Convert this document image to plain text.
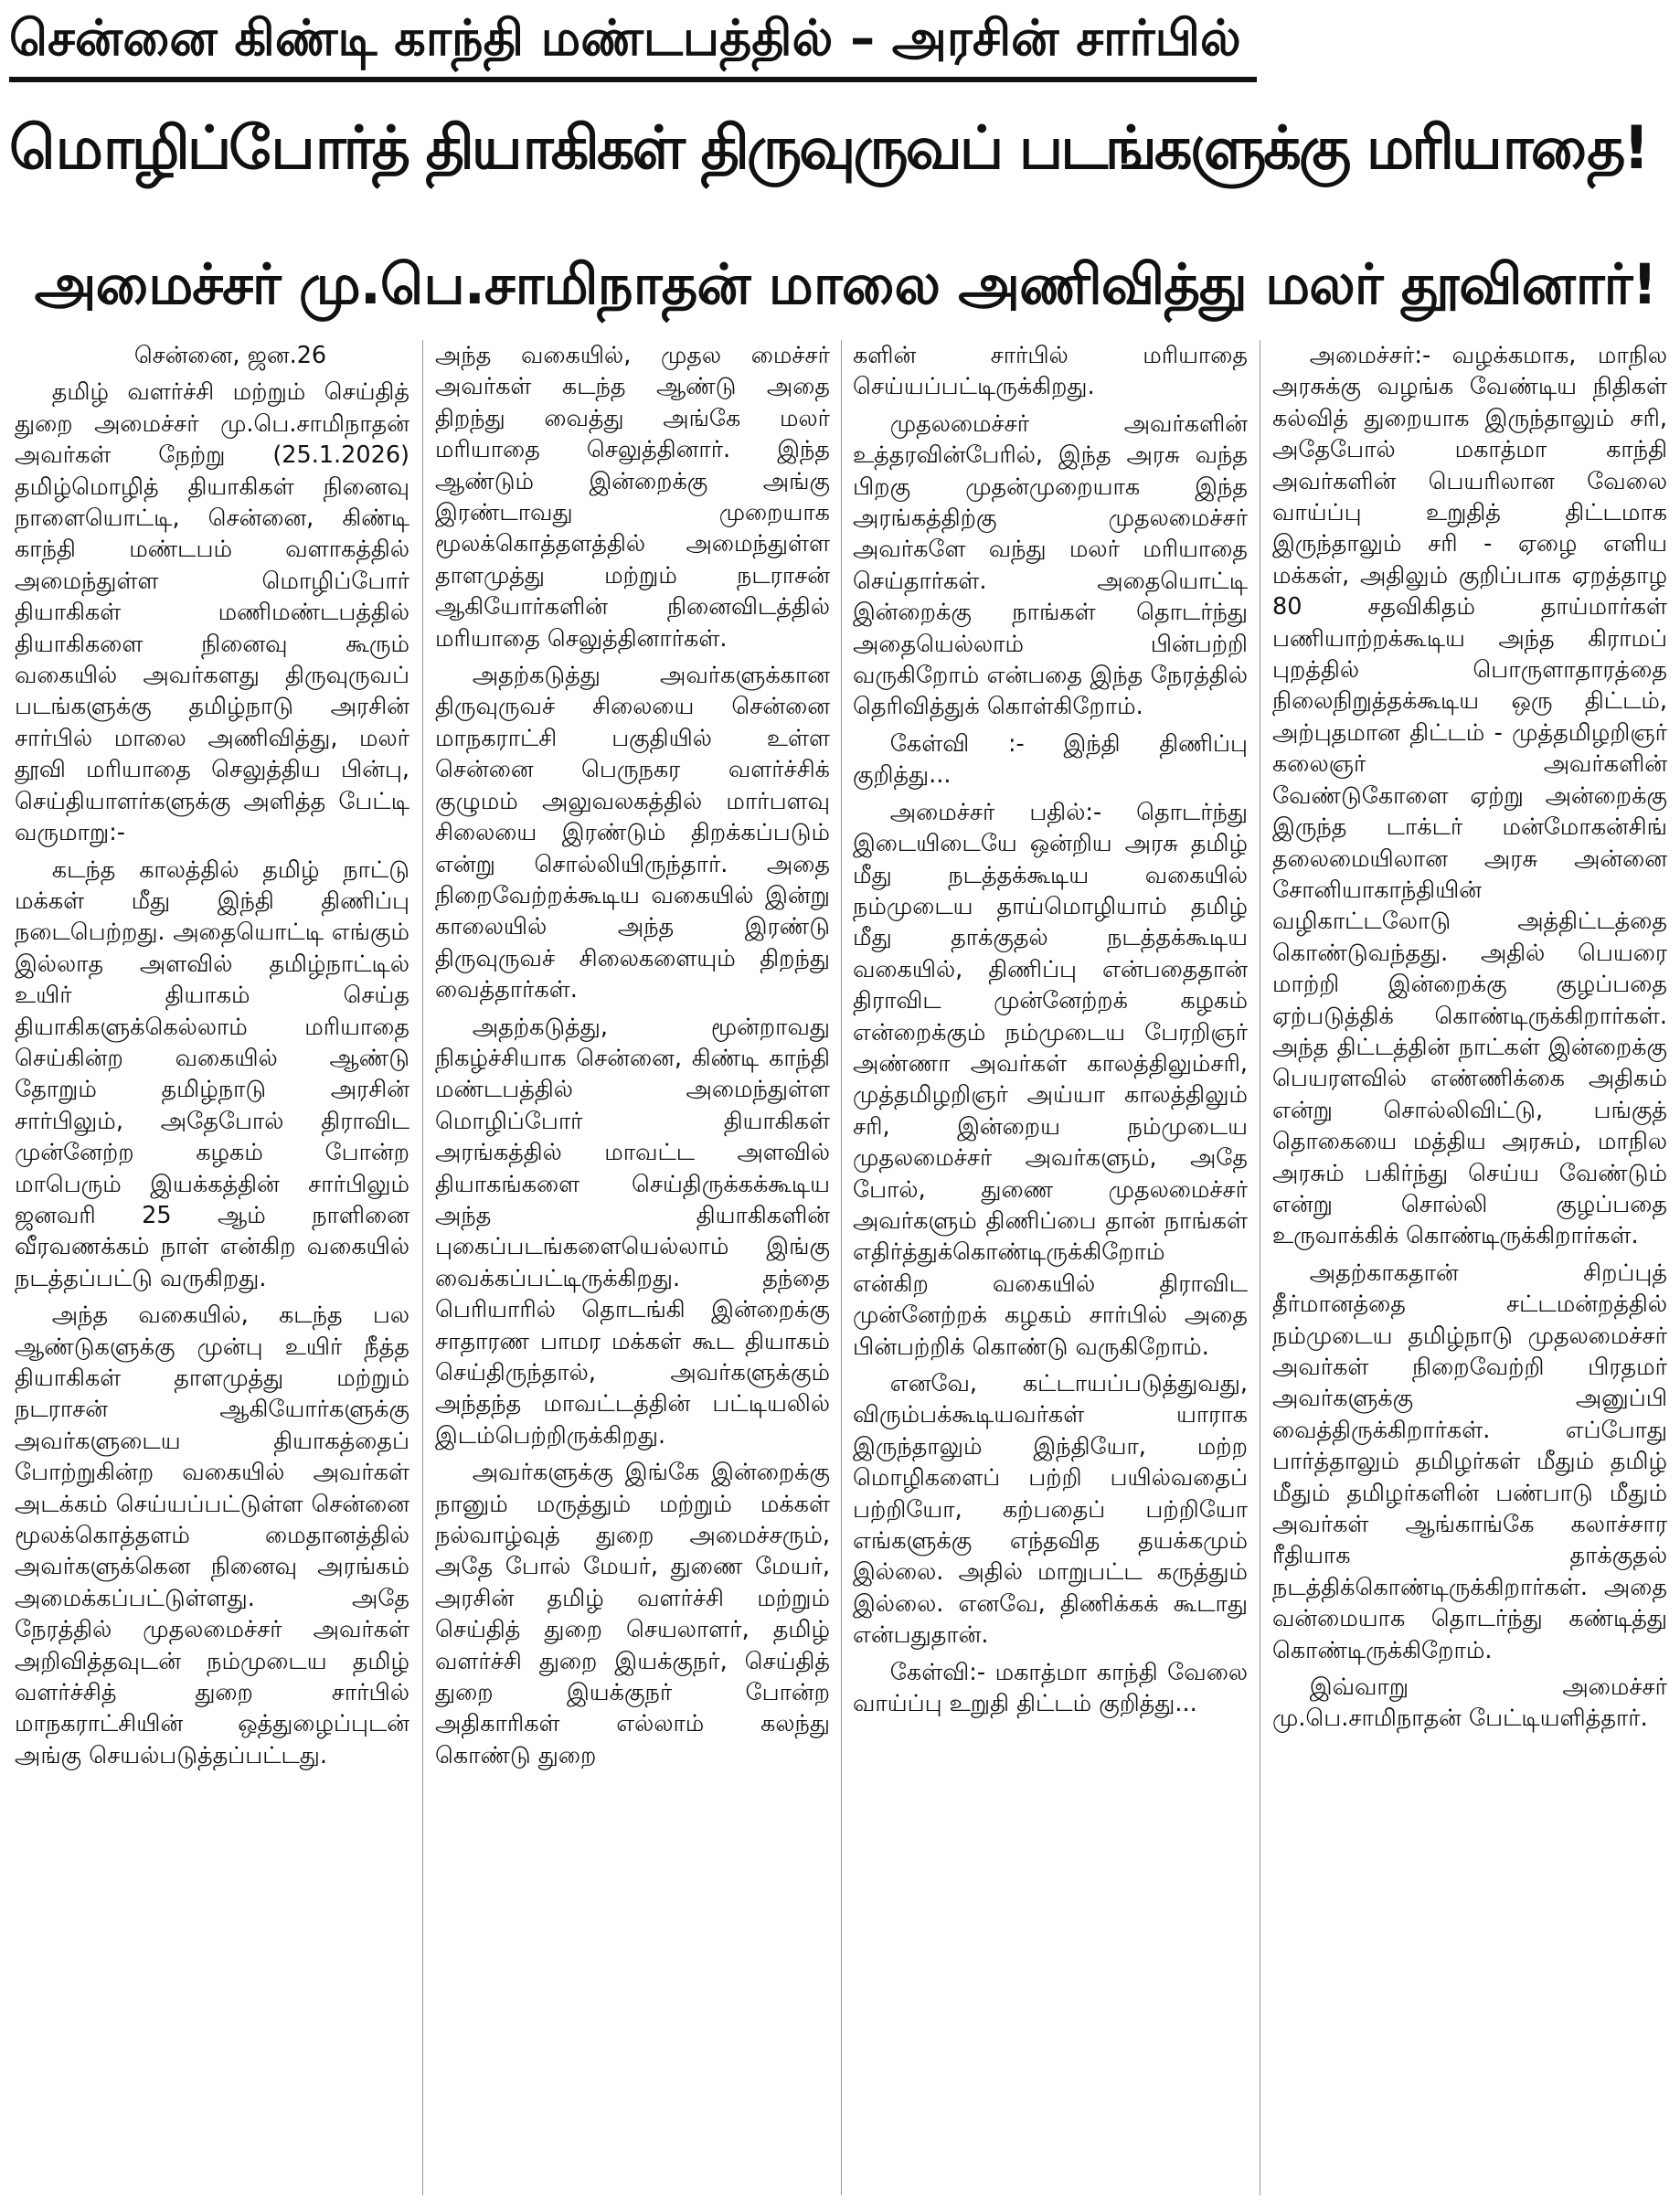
சென்னை கிண்டி காந்தி மண்டபத்தில் – அரசின் சார்பில்
மொழிப்போர்த் தியாகிகள் திருவுருவப் படங்களுக்கு மரியாதை!
அமைச்சர் மு.பெ.சாமிநாதன் மாலை அணிவித்து மலர் தூவினார்!

சென்னை, ஜன.26

தமிழ் வளர்ச்சி மற்றும் செய்தித் துறை அமைச்சர் மு.பெ.சாமிநாதன் அவர்கள் நேற்று (25.1.2026) தமிழ்மொழித் தியாகிகள் நினைவு நாளையொட்டி, சென்னை, கிண்டி காந்தி மண்டபம் வளாகத்தில் அமைந்துள்ள மொழிப்போர் தியாகிகள் மணிமண்டபத்தில் தியாகிகளை நினைவு கூரும் வகையில் அவர்களது திருவுருவப் படங்களுக்கு தமிழ்நாடு அரசின் சார்பில் மாலை அணிவித்து, மலர் தூவி மரியாதை செலுத்திய பின்பு, செய்தியாளர்களுக்கு அளித்த பேட்டி வருமாறு:-

கடந்த காலத்தில் தமிழ் நாட்டு மக்கள் மீது இந்தி திணிப்பு நடைபெற்றது. அதையொட்டி எங்கும் இல்லாத அளவில் தமிழ்நாட்டில் உயிர் தியாகம் செய்த தியாகிகளுக்கெல்லாம் மரியாதை செய்கின்ற வகையில் ஆண்டு தோறும் தமிழ்நாடு அரசின் சார்பிலும், அதேபோல் திராவிட முன்னேற்ற கழகம் போன்ற மாபெரும் இயக்கத்தின் சார்பிலும் ஜனவரி 25 ஆம் நாளினை வீரவணக்கம் நாள் என்கிற வகையில் நடத்தப்பட்டு வருகிறது.

அந்த வகையில், கடந்த பல ஆண்டுகளுக்கு முன்பு உயிர் நீத்த தியாகிகள் தாளமுத்து மற்றும் நடராசன் ஆகியோர்களுக்கு அவர்களுடைய தியாகத்தைப் போற்றுகின்ற வகையில் அவர்கள் அடக்கம் செய்யப்பட்டுள்ள சென்னை மூலக்கொத்தளம் மைதானத்தில் அவர்களுக்கென நினைவு அரங்கம் அமைக்கப்பட்டுள்ளது. அதே நேரத்தில் முதலமைச்சர் அவர்கள் அறிவித்தவுடன் நம்முடைய தமிழ் வளர்ச்சித் துறை சார்பில் மாநகராட்சியின் ஒத்துழைப்புடன் அங்கு செயல்படுத்தப்பட்டது.

அந்த வகையில், முதல மைச்சர் அவர்கள் கடந்த ஆண்டு அதை திறந்து வைத்து அங்கே மலர் மரியாதை செலுத்தினார். இந்த ஆண்டும் இன்றைக்கு அங்கு இரண்டாவது முறையாக மூலக்கொத்தளத்தில் அமைந்துள்ள தாளமுத்து மற்றும் நடராசன் ஆகியோர்களின் நினைவிடத்தில் மரியாதை செலுத்தினார்கள்.

அதற்கடுத்து அவர்களுக்கான திருவுருவச் சிலையை சென்னை மாநகராட்சி பகுதியில் உள்ள சென்னை பெருநகர வளர்ச்சிக் குழுமம் அலுவலகத்தில் மார்பளவு சிலையை இரண்டும் திறக்கப்படும் என்று சொல்லியிருந்தார். அதை நிறைவேற்றக்கூடிய வகையில் இன்று காலையில் அந்த இரண்டு திருவுருவச் சிலைகளையும் திறந்து வைத்தார்கள்.

அதற்கடுத்து, மூன்றாவது நிகழ்ச்சியாக சென்னை, கிண்டி காந்தி மண்டபத்தில் அமைந்துள்ள மொழிப்போர் தியாகிகள் அரங்கத்தில் மாவட்ட அளவில் தியாகங்களை செய்திருக்கக்கூடிய அந்த தியாகிகளின் புகைப்படங்களையெல்லாம் இங்கு வைக்கப்பட்டிருக்கிறது. தந்தை பெரியாரில் தொடங்கி இன்றைக்கு சாதாரண பாமர மக்கள் கூட தியாகம் செய்திருந்தால், அவர்களுக்கும் அந்தந்த மாவட்டத்தின் பட்டியலில் இடம்பெற்றிருக்கிறது.

அவர்களுக்கு இங்கே இன்றைக்கு நானும் மருத்தும் மற்றும் மக்கள் நல்வாழ்வுத் துறை அமைச்சரும், அதே போல் மேயர், துணை மேயர், அரசின் தமிழ் வளர்ச்சி மற்றும் செய்தித் துறை செயலாளர், தமிழ் வளர்ச்சி துறை இயக்குநர், செய்தித் துறை இயக்குநர் போன்ற அதிகாரிகள் எல்லாம் கலந்து கொண்டு துறை

களின் சார்பில் மரியாதை செய்யப்பட்டிருக்கிறது.

முதலமைச்சர் அவர்களின் உத்தரவின்பேரில், இந்த அரசு வந்த பிறகு முதன்முறையாக இந்த அரங்கத்திற்கு முதலமைச்சர் அவர்களே வந்து மலர் மரியாதை செய்தார்கள். அதையொட்டி இன்றைக்கு நாங்கள் தொடர்ந்து அதையெல்லாம் பின்பற்றி வருகிறோம் என்பதை இந்த நேரத்தில் தெரிவித்துக் கொள்கிறோம்.

கேள்வி :- இந்தி திணிப்பு குறித்து...

அமைச்சர் பதில்:- தொடர்ந்து இடையிடையே ஒன்றிய அரசு தமிழ் மீது நடத்தக்கூடிய வகையில் நம்முடைய தாய்மொழியாம் தமிழ் மீது தாக்குதல் நடத்தக்கூடிய வகையில், திணிப்பு என்பதைதான் திராவிட முன்னேற்றக் கழகம் என்றைக்கும் நம்முடைய பேரறிஞர் அண்ணா அவர்கள் காலத்திலும்சரி, முத்தமிழறிஞர் அய்யா காலத்திலும் சரி, இன்றைய நம்முடைய முதலமைச்சர் அவர்களும், அதே போல், துணை முதலமைச்சர் அவர்களும் திணிப்பை தான் நாங்கள் எதிர்த்துக்கொண்டிருக்கிறோம் என்கிற வகையில் திராவிட முன்னேற்றக் கழகம் சார்பில் அதை பின்பற்றிக் கொண்டு வருகிறோம்.

எனவே, கட்டாயப்படுத்துவது, விரும்பக்கூடியவர்கள் யாராக இருந்தாலும் இந்தியோ, மற்ற மொழிகளைப் பற்றி பயில்வதைப் பற்றியோ, கற்பதைப் பற்றியோ எங்களுக்கு எந்தவித தயக்கமும் இல்லை. அதில் மாறுபட்ட கருத்தும் இல்லை. எனவே, திணிக்கக் கூடாது என்பதுதான்.

கேள்வி:- மகாத்மா காந்தி வேலை வாய்ப்பு உறுதி திட்டம் குறித்து...

அமைச்சர்:- வழக்கமாக, மாநில அரசுக்கு வழங்க வேண்டிய நிதிகள் கல்வித் துறையாக இருந்தாலும் சரி, அதேபோல் மகாத்மா காந்தி அவர்களின் பெயரிலான வேலை வாய்ப்பு உறுதித் திட்டமாக இருந்தாலும் சரி - ஏழை எளிய மக்கள், அதிலும் குறிப்பாக ஏறத்தாழ 80 சதவிகிதம் தாய்மார்கள் பணியாற்றக்கூடிய அந்த கிராமப் புறத்தில் பொருளாதாரத்தை நிலைநிறுத்தக்கூடிய ஒரு திட்டம், அற்புதமான திட்டம் - முத்தமிழறிஞர் கலைஞர் அவர்களின் வேண்டுகோளை ஏற்று அன்றைக்கு இருந்த டாக்டர் மன்மோகன்சிங் தலைமையிலான அரசு அன்னை சோனியாகாந்தியின் வழிகாட்டலோடு அத்திட்டத்தை கொண்டுவந்தது. அதில் பெயரை மாற்றி இன்றைக்கு குழப்பதை ஏற்படுத்திக் கொண்டிருக்கிறார்கள். அந்த திட்டத்தின் நாட்கள் இன்றைக்கு பெயரளவில் எண்ணிக்கை அதிகம் என்று சொல்லிவிட்டு, பங்குத் தொகையை மத்திய அரசும், மாநில அரசும் பகிர்ந்து செய்ய வேண்டும் என்று சொல்லி குழப்பதை உருவாக்கிக் கொண்டிருக்கிறார்கள்.

அதற்காகதான் சிறப்புத் தீர்மானத்தை சட்டமன்றத்தில் நம்முடைய தமிழ்நாடு முதலமைச்சர் அவர்கள் நிறைவேற்றி பிரதமர் அவர்களுக்கு அனுப்பி வைத்திருக்கிறார்கள். எப்போது பார்த்தாலும் தமிழர்கள் மீதும் தமிழ் மீதும் தமிழர்களின் பண்பாடு மீதும் அவர்கள் ஆங்காங்கே கலாச்சார ரீதியாக தாக்குதல் நடத்திக்கொண்டிருக்கிறார்கள். அதை வன்மையாக தொடர்ந்து கண்டித்து கொண்டிருக்கிறோம்.

இவ்வாறு அமைச்சர் மு.பெ.சாமிநாதன் பேட்டியளித்தார்.
